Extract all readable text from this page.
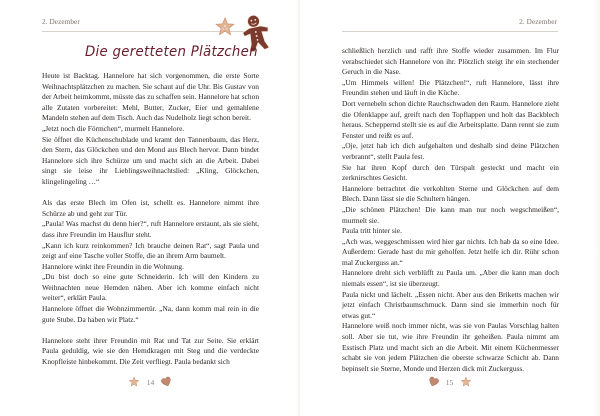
2. Dezember
Die geretteten Plätzchen

Heute ist Backtag. Hannelore hat sich vorgenommen, die erste Sorte Weihnachtsplätzchen zu machen. Sie schaut auf die Uhr. Bis Gustav von der Arbeit heimkommt, müsste das zu schaffen sein. Hannelore hat schon alle Zutaten vorbereitet: Mehl, Butter, Zucker, Eier und gemahlene Mandeln stehen auf dem Tisch. Auch das Nudelholz liegt schon bereit.

„Jetzt noch die Förmchen“, murmelt Hannelore.

Sie öffnet die Küchenschublade und kramt den Tannenbaum, das Herz, den Stern, das Glöckchen und den Mond aus Blech hervor. Dann bindet Hannelore sich ihre Schürze um und macht sich an die Arbeit. Dabei singt sie leise ihr Lieblingsweihnachtslied: „Kling, Glöckchen, klingelingeling …“

Als das erste Blech im Ofen ist, schellt es. Hannelore nimmt ihre Schürze ab und geht zur Tür.

„Paula! Was machst du denn hier?“, ruft Hannelore erstaunt, als sie sieht, dass ihre Freundin im Hausflur steht.

„Kann ich kurz reinkommen? Ich brauche deinen Rat“, sagt Paula und zeigt auf eine Tasche voller Stoffe, die an ihrem Arm baumelt.

Hannelore winkt ihre Freundin in die Wohnung.

„Du bist doch so eine gute Schneiderin. Ich will den Kindern zu Weihnachten neue Hemden nähen. Aber ich komme einfach nicht weiter“, erklärt Paula.

Hannelore öffnet die Wohnzimmertür. „Na, dann komm mal rein in die gute Stube. Da haben wir Platz.“

Hannelore steht ihrer Freundin mit Rat und Tat zur Seite. Sie erklärt Paula geduldig, wie sie den Hemdkragen mit Steg und die verdeckte Knopfleiste hinbekommt. Die Zeit verfliegt. Paula bedankt sich

14
2. Dezember

schließlich herzlich und rafft ihre Stoffe wieder zusammen. Im Flur verabschiedet sich Hannelore von ihr. Plötzlich steigt ihr ein stechender Geruch in die Nase.

„Um Himmels willen! Die Plätzchen!“, ruft Hannelore, lässt ihre Freundin stehen und läuft in die Küche.

Dort vernebeln schon dichte Rauchschwaden den Raum. Hannelore zieht die Ofenklappe auf, greift nach den Topflappen und holt das Backblech heraus. Scheppernd stellt sie es auf die Arbeitsplatte. Dann rennt sie zum Fenster und reißt es auf.

„Oje, jetzt hab ich dich aufgehalten und deshalb sind deine Plätzchen verbrannt“, stellt Paula fest.

Sie hat ihren Kopf durch den Türspalt gesteckt und macht ein zerknirschtes Gesicht.

Hannelore betrachtet die verkohlten Sterne und Glöckchen auf dem Blech. Dann lässt sie die Schultern hängen.

„Die schönen Plätzchen! Die kann man nur noch wegschmeißen“, murmelt sie.

Paula tritt hinter sie.

„Ach was, weggeschmissen wird hier gar nichts. Ich hab da so eine Idee. Außerdem: Gerade hast du mir geholfen. Jetzt helfe ich dir. Rühr schon mal Zuckerguss an.“

Hannelore dreht sich verblüfft zu Paula um. „Aber die kann man doch niemals essen“, ist sie überzeugt.

Paula nickt und lächelt. „Essen nicht. Aber aus den Briketts machen wir jetzt einfach Christbaumschmuck. Dann sind sie immerhin noch für etwas gut.“

Hannelore weiß noch immer nicht, was sie von Paulas Vorschlag halten soll. Aber sie tut, wie ihre Freundin ihr geheißen. Paula nimmt am Esstisch Platz und macht sich an die Arbeit. Mit einem Küchenmesser schabt sie von jedem Plätzchen die oberste schwarze Schicht ab. Dann bepinselt sie Sterne, Monde und Herzen dick mit Zuckerguss.

15
